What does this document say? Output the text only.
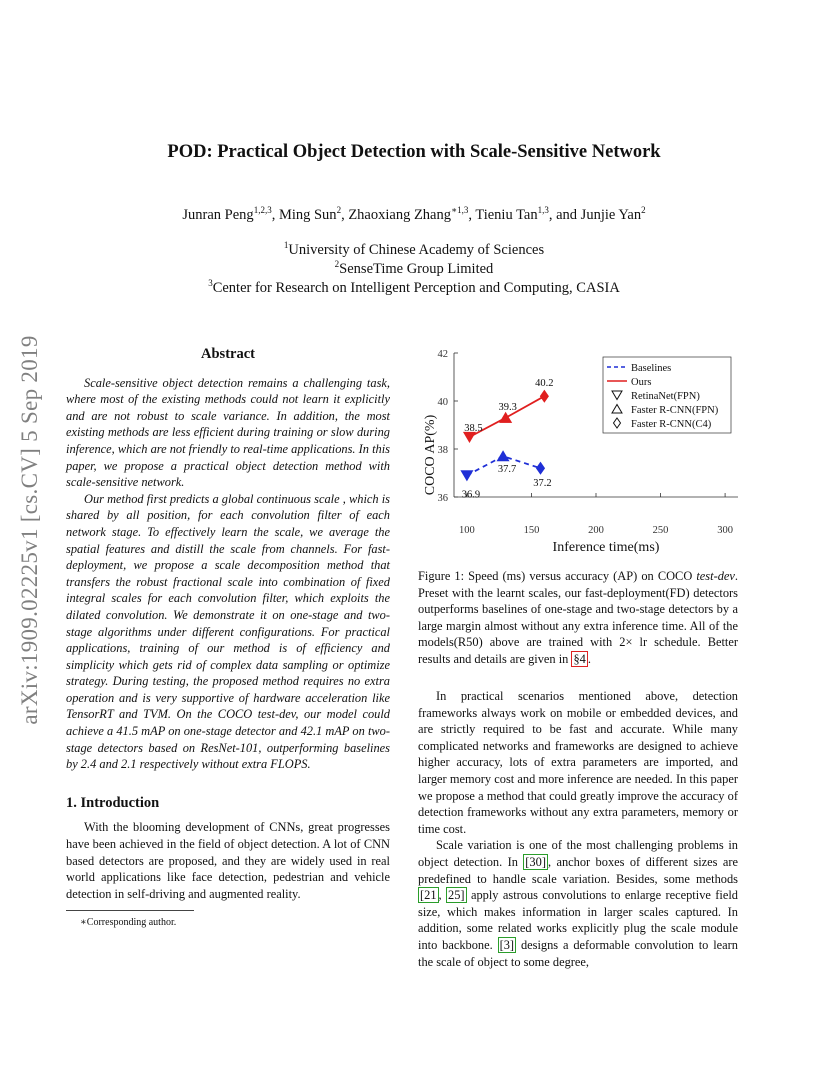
arXiv:1909.02225v1 [cs.CV] 5 Sep 2019
POD: Practical Object Detection with Scale-Sensitive Network
Junran Peng$^{1,2,3}$, Ming Sun$^2$, Zhaoxiang Zhang$^{∗1,3}$, Tieniu Tan$^{1,3}$, and Junjie Yan$^2$
$^1$University of Chinese Academy of Sciences
$^2$SenseTime Group Limited
$^3$Center for Research on Intelligent Perception and Computing, CASIA
Abstract

Scale-sensitive object detection remains a challenging task, where most of the existing methods could not learn it explicitly and are not robust to scale variance. In addition, the most existing methods are less efficient during training or slow during inference, which are not friendly to real-time applications. In this paper, we propose a practical object detection method with scale-sensitive network.

Our method first predicts a global continuous scale , which is shared by all position, for each convolution filter of each network stage. To effectively learn the scale, we average the spatial features and distill the scale from channels. For fast-deployment, we propose a scale decomposition method that transfers the robust fractional scale into combination of fixed integral scales for each convolution filter, which exploits the dilated convolution. We demonstrate it on one-stage and two-stage algorithms under different configurations. For practical applications, training of our method is of efficiency and simplicity which gets rid of complex data sampling or optimize strategy. During testing, the proposed method requires no extra operation and is very supportive of hardware acceleration like TensorRT and TVM. On the COCO test-dev, our model could achieve a 41.5 mAP on one-stage detector and 42.1 mAP on two-stage detectors based on ResNet-101, outperforming baselines by 2.4 and 2.1 respectively without extra FLOPS.

1. Introduction

With the blooming development of CNNs, great progresses have been achieved in the field of object detection. A lot of CNN based detectors are proposed, and they are widely used in real world applications like face detection, pedestrian and vehicle detection in self-driving and augmented reality.

∗Corresponding author.
36
38
40
42
100	150	200	250	300
Inference time(ms)
COCO AP(%) 36.9
37.7
37.2
38.5
39.3
40.2
Baselines
Ours
RetinaNet(FPN)
Faster R-CNN(FPN)
Faster R-CNN(C4)
Figure 1: Speed (ms) versus accuracy (AP) on COCO test-dev. Preset with the learnt scales, our fast-deployment(FD) detectors outperforms baselines of one-stage and two-stage detectors by a large margin almost without any extra inference time. All of the models(R50) above are trained with 2× lr schedule. Better results and details are given in §4 .

In practical scenarios mentioned above, detection frameworks always work on mobile or embedded devices, and are strictly required to be fast and accurate. While many complicated networks and frameworks are designed to achieve higher accuracy, lots of extra parameters are imported, and larger memory cost and more inference are needed. In this paper we propose a method that could greatly improve the accuracy of detection frameworks without any extra parameters, memory or time cost.

Scale variation is one of the most challenging problems in object detection. In [30] , anchor boxes of different sizes are predefined to handle scale variation. Besides, some methods [21 , 25] apply astrous convolutions to enlarge receptive field size, which makes information in larger scales captured. In addition, some related works explicitly plug the scale module into backbone. [3] designs a deformable convolution to learn the scale of object to some degree,
